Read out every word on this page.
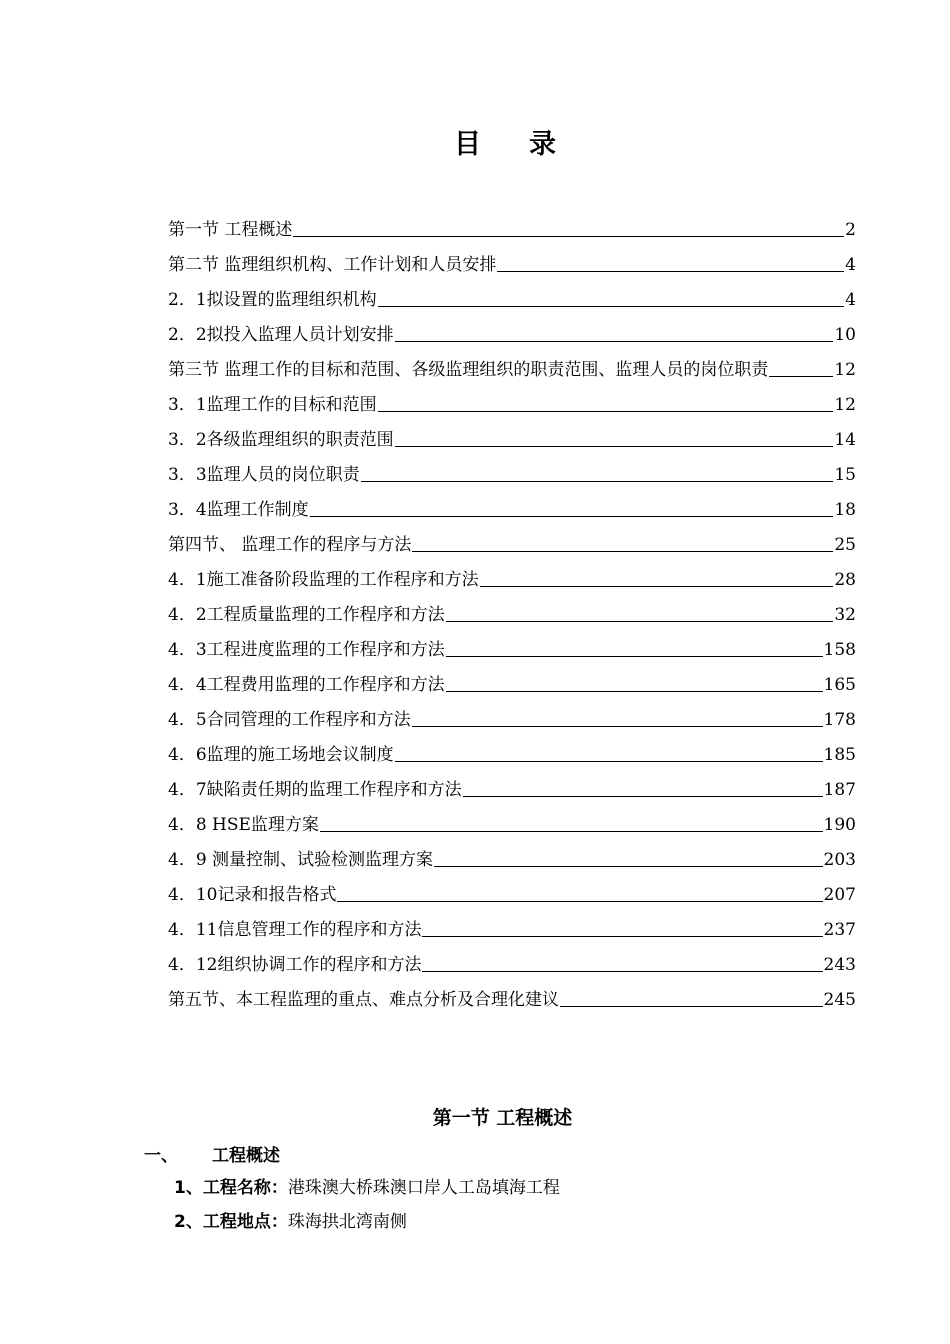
目 录
第一节 工程概述	2
第二节 监理组织机构、工作计划和人员安排	4
2．1拟设置的监理组织机构	4
2．2拟投入监理人员计划安排	10
第三节 监理工作的目标和范围、各级监理组织的职责范围、监理人员的岗位职责	12
3．1监理工作的目标和范围	12
3．2各级监理组织的职责范围	14
3．3监理人员的岗位职责	15
3．4监理工作制度	18
第四节、 监理工作的程序与方法	25
4．1施工准备阶段监理的工作程序和方法	28
4．2工程质量监理的工作程序和方法	32
4．3工程进度监理的工作程序和方法	158
4．4工程费用监理的工作程序和方法	165
4．5合同管理的工作程序和方法	178
4．6监理的施工场地会议制度	185
4．7缺陷责任期的监理工作程序和方法	187
4．8 HSE监理方案	190
4．9 测量控制、试验检测监理方案	203
4．10记录和报告格式	207
4．11信息管理工作的程序和方法	237
4．12组织协调工作的程序和方法	243
第五节、本工程监理的重点、难点分析及合理化建议	245
第一节 工程概述
一、 工程概述
1、工程名称：港珠澳大桥珠澳口岸人工岛填海工程
2、工程地点：珠海拱北湾南侧
